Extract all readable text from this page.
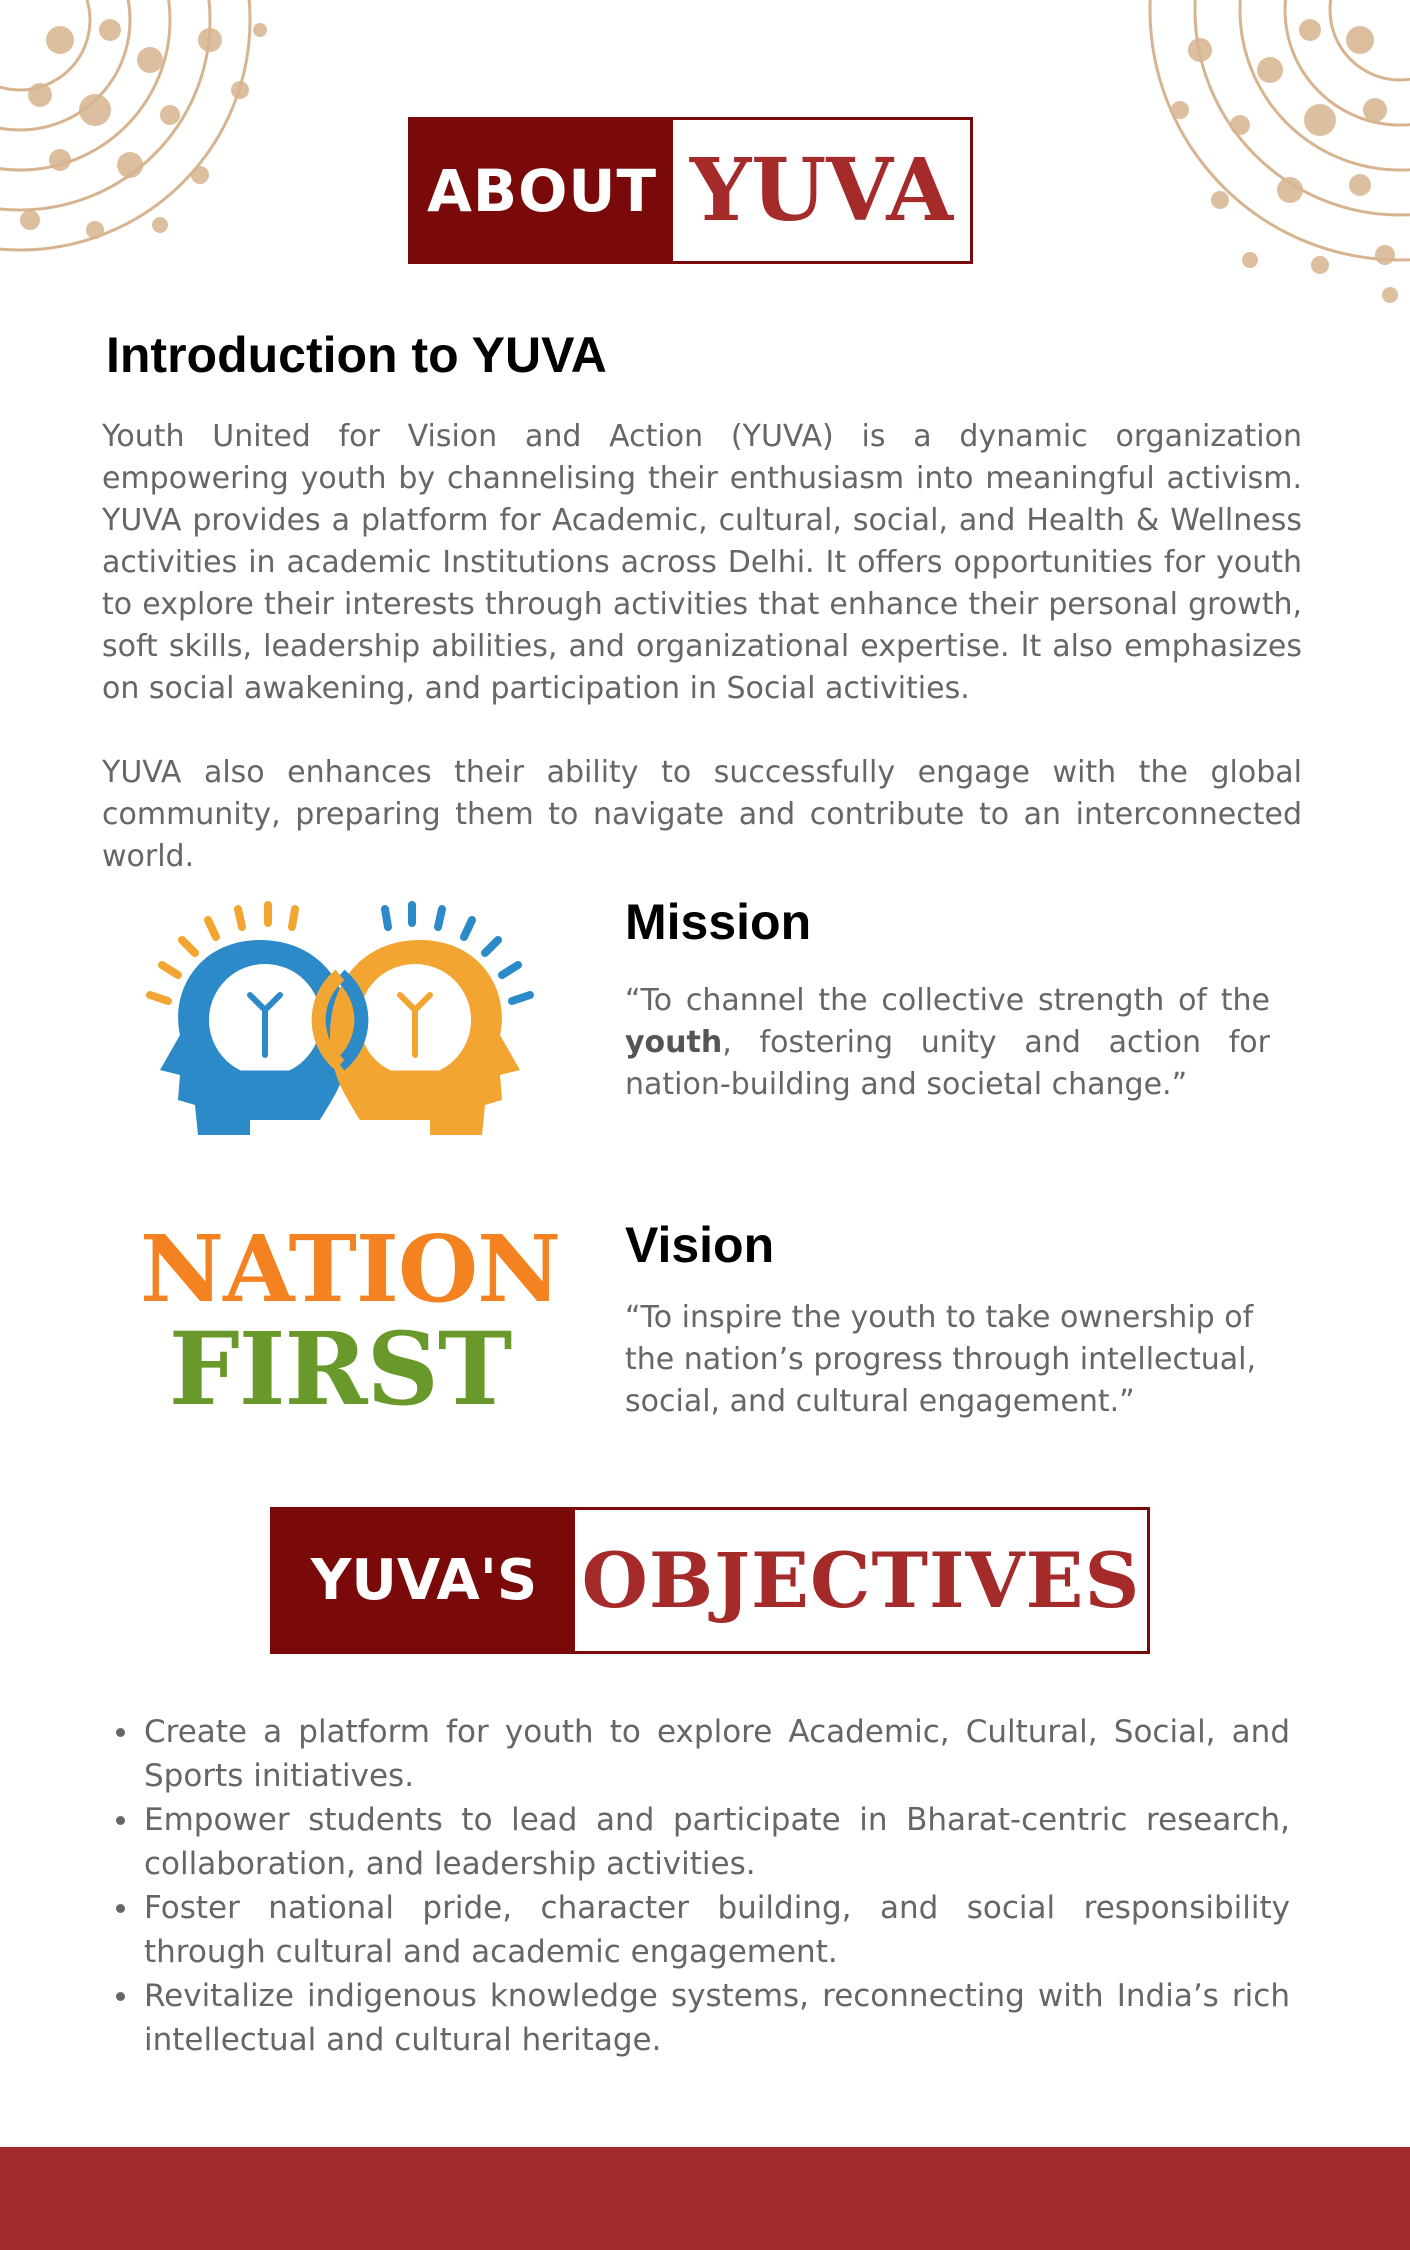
ABOUT YUVA
Introduction to YUVA

Youth United for Vision and Action (YUVA) is a dynamic organization empowering youth by channelising their enthusiasm into meaningful activism. YUVA provides a platform for Academic, cultural, social, and Health & Wellness activities in academic Institutions across Delhi. It offers opportunities for youth to explore their interests through activities that enhance their personal growth, soft skills, leadership abilities, and organizational expertise. It also emphasizes on social awakening, and participation in Social activities.

YUVA also enhances their ability to successfully engage with the global community, preparing them to navigate and contribute to an interconnected world.

Mission

“To channel the collective strength of the youth, fostering unity and action for nation-building and societal change.”

NATION
FIRST
Vision

“To inspire the youth to take ownership of the nation’s progress through intellectual, social, and cultural engagement.”

YUVA'S OBJECTIVES
Create a platform for youth to explore Academic, Cultural, Social, and Sports initiatives.
Empower students to lead and participate in Bharat-centric research, collaboration, and leadership activities.
Foster national pride, character building, and social responsibility through cultural and academic engagement.
Revitalize indigenous knowledge systems, reconnecting with India’s rich intellectual and cultural heritage.
